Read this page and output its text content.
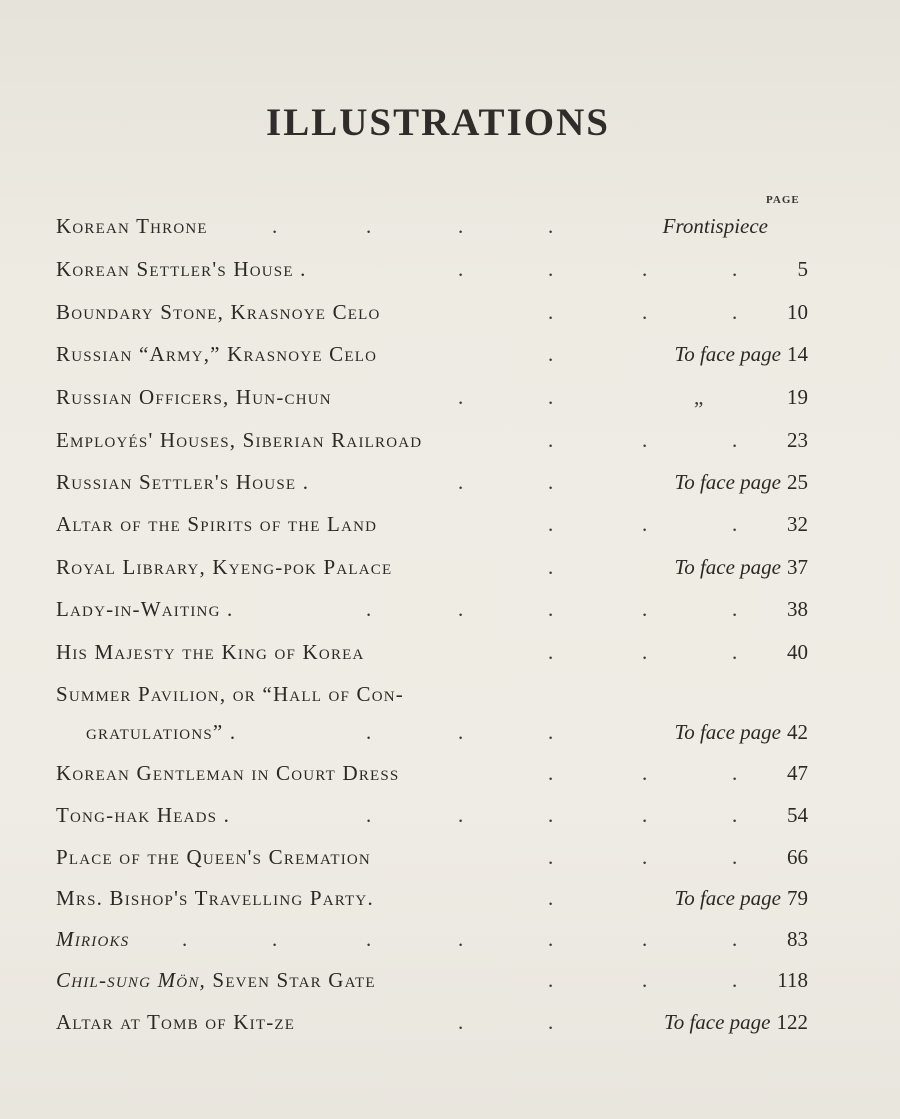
ILLUSTRATIONS
PAGE
Korean Throne	.	.	.	.	Frontispiece
Korean Settler's House .	.	.	.	.	5
Boundary Stone, Krasnoye Celo	.	.	. 10
Russian “Army,” Krasnoye Celo	.	To face page 14
Russian Officers, Hun-chun	.	.	„	19
Employés' Houses, Siberian Railroad	.	.	. 23
Russian Settler's House .	.	.	To face page 25
Altar of the Spirits of the Land	.	.	. 32
Royal Library, Kyeng-pok Palace	.	To face page 37
Lady-in-Waiting .	.	.	.	.	. 38
His Majesty the King of Korea	.	.	. 40
Summer Pavilion, or “Hall of Con-
gratulations” .	.	.	.	To face page 42
Korean Gentleman in Court Dress	.	.	. 47
Tong-hak Heads .	.	.	.	.	. 54
Place of the Queen's Cremation	.	.	. 66
Mrs. Bishop's Travelling Party.	.	To face page 79
Mirioks	.	.	.	.	.	.	. 83
Chil-sung Mön, Seven Star Gate	.	.	. 118
Altar at Tomb of Kit-ze	.	.	To face page 122
